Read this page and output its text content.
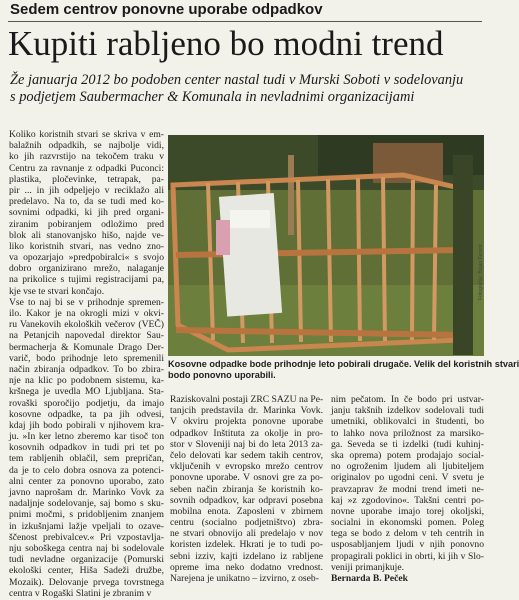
Sedem centrov ponovne uporabe odpadkov
Kupiti rabljeno bo modni trend
Že januarja 2012 bo podoben center nastal tudi v Murski Soboti v sodelovanju
s podjetjem Saubermacher & Komunala in nevladnimi organizacijami
Koliko koristnih stvari se skriva v em-
balažnih odpadkih, se najbolje vidi,
ko jih razvrstijo na tekočem traku v
Centru za ravnanje z odpadki Puconci:
plastika, pločevinke, tetrapak, pa-
pir ... in jih odpeljejo v reciklažo ali
predelavo. Na to, da se tudi med ko-
sovnimi odpadki, ki jih pred organi-
ziranim pobiranjem odložimo pred
blok ali stanovanjsko hišo, najde ve-
liko koristnih stvari, nas vedno zno-
va opozarjajo »predpobiralci« s svojo
dobro organizirano mrežo, nalaganje
na prikolice s tujimi registracijami pa,
kje vse te stvari končajo.
Vse to naj bi se v prihodnje spremen-
ilo. Kakor je na okrogli mizi v okvi-
ru Vanekovih ekoloških večerov (VEČ)
na Petanjcih napovedal direktor Sau-
bermacherja & Komunale Drago Der-
varič, bodo prihodnje leto spremenili
način zbiranja odpadkov. To bo zbira-
nje na klic po podobnem sistemu, ka-
kršnega je uvedla MO Ljubljana. Sta-
rovaški sporočijo podjetju, da imajo
kosovne odpadke, ta pa jih odvesi,
kdaj jih bodo pobirali v njihovem kra-
ju. »In ker letno zberemo kar tisoč ton
kosovnih odpadkov in tudi pri tet po
tem rabljenih oblačil, sem prepričan,
da je to celo dobra osnova za potenci-
alni center za ponovno uporabo, zato
javno naprošam dr. Marinko Vovk za
nadaljnje sodelovanje, saj bomo s sku-
pnimi močmi, s pridobljenim znanjem
in izkušnjami lažje vpeljali to ozave-
ščenost prebivalcev.« Pri vzpostavlja-
nju soboškega centra naj bi sodelovale
tudi nevladne organizacije (Pomurski
ekološki center, Hiša Sadeži družbe,
Mozaik). Delovanje prvega tovrstnega
centra v Rogaški Slatini je zbranim v
Fotografija: Bojan Ferenc
Kosovne odpadke bode prihodnje leto pobirali drugače. Velik del koristnih stvari
bodo ponovno uporabili.
Raziskovalni postaji ZRC SAZU na Pe-
tanjcih predstavila dr. Marinka Vovk.
V okviru projekta ponovne uporabe
odpadkov Inštituta za okolje in pro-
stor v Sloveniji naj bi do leta 2013 za-
čelo delovati kar sedem takih centrov,
vključenih v evropsko mrežo centrov
ponovne uporabe. V osnovi gre za po-
seben način zbiranja še koristnih ko-
sovnih odpadkov, kar odpravi posebna
mobilna enota. Zaposleni v zbirnem
centru (socialno podjetništvo) zbra-
ne stvari obnovijo ali predelajo v nov
koristen izdelek. Hkrati je to tudi po-
sebni izziv, kajti izdelano iz rabljene
opreme ima neko dodatno vrednost.
Narejena je unikatno – izvirno, z oseb-
nim pečatom. In če bodo pri ustvar-
janju takšnih izdelkov sodelovali tudi
umetniki, oblikovalci in študenti, bo
to lahko nova priložnost za marsiko-
ga. Seveda se ti izdelki (tudi kuhinj-
ska oprema) potem prodajajo social-
no ogroženim ljudem ali ljubiteljem
originalov po ugodni ceni. V svetu je
pravzaprav že modni trend imeti ne-
kaj »z zgodovino«. Takšni centri po-
novne uporabe imajo torej okoljski,
socialni in ekonomski pomen. Poleg
tega se bodo z delom v teh centrih in
usposabljanjem ljudi v njih ponovno
propagirali poklici in obrti, ki jih v Slo-
veniji primanjkuje.
Bernarda B. Peček
